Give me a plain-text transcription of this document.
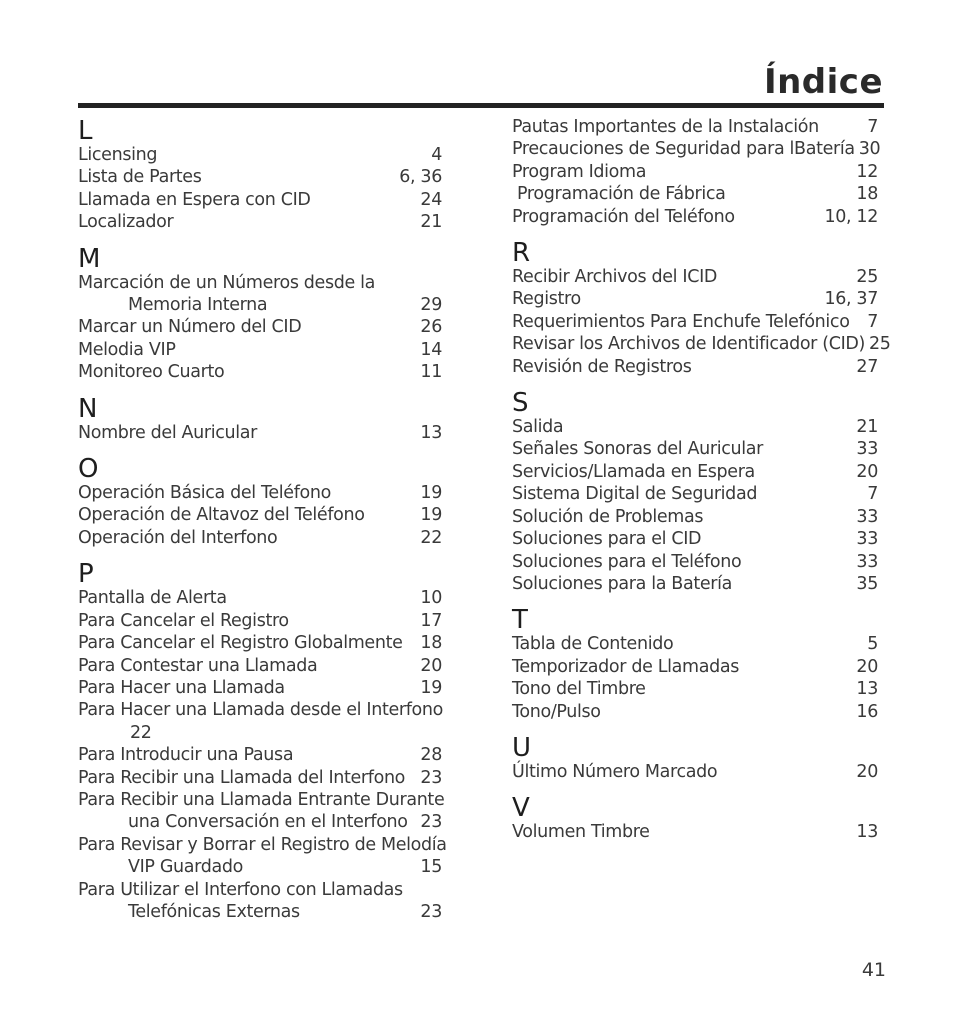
Índice
L
Licensing	4
Lista de Partes	6, 36
Llamada en Espera con CID	24
Localizador	21
M
Marcación de un Números desde la
Memoria Interna	29
Marcar un Número del CID	26
Melodia VIP	14
Monitoreo Cuarto	11
N
Nombre del Auricular	13
O
Operación Básica del Teléfono	19
Operación de Altavoz del Teléfono	19
Operación del Interfono	22
P
Pantalla de Alerta	10
Para Cancelar el Registro	17
Para Cancelar el Registro Globalmente 18
Para Contestar una Llamada	20
Para Hacer una Llamada	19
Para Hacer una Llamada desde el Interfono
22
Para Introducir una Pausa	28
Para Recibir una Llamada del Interfono 23
Para Recibir una Llamada Entrante Durante
una Conversación en el Interfono 23
Para Revisar y Borrar el Registro de Melodía
VIP Guardado	15
Para Utilizar el Interfono con Llamadas
Telefónicas Externas	23
Pautas Importantes de la Instalación	7
Precauciones de Seguridad para lBatería 30
Program Idioma	12
Programación de Fábrica	18
Programación del Teléfono	10, 12
R
Recibir Archivos del ICID	25
Registro	16, 37
Requerimientos Para Enchufe Telefónico 7
Revisar los Archivos de Identificador (CID) 25
Revisión de Registros	27
S
Salida	21
Señales Sonoras del Auricular	33
Servicios/Llamada en Espera	20
Sistema Digital de Seguridad	7
Solución de Problemas	33
Soluciones para el CID	33
Soluciones para el Teléfono	33
Soluciones para la Batería	35
T
Tabla de Contenido	5
Temporizador de Llamadas	20
Tono del Timbre	13
Tono/Pulso	16
U
Último Número Marcado	20
V
Volumen Timbre	13
41
